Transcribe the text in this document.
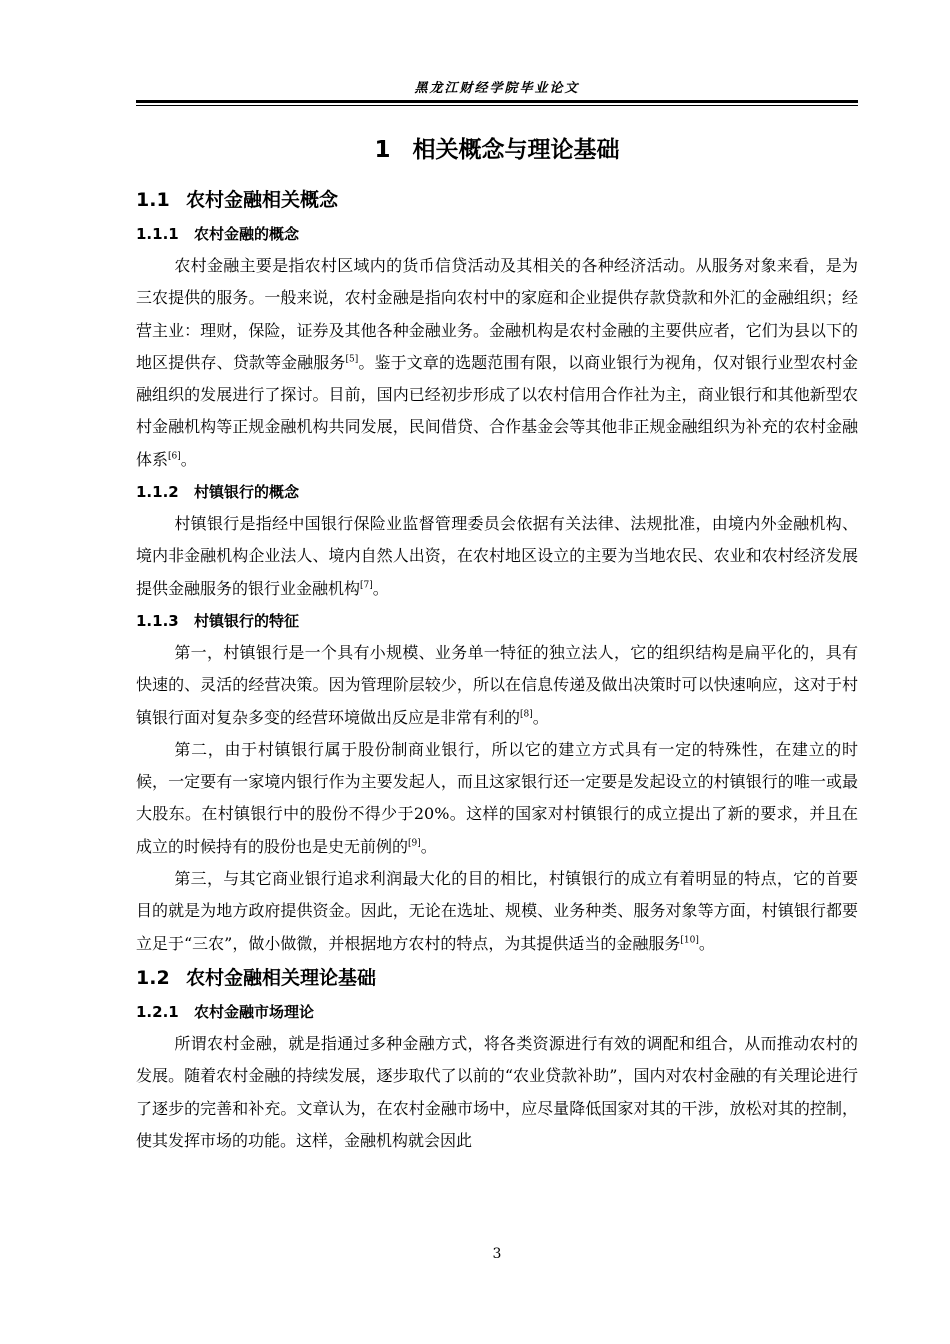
黑龙江财经学院毕业论文
1 相关概念与理论基础
1.1 农村金融相关概念
1.1.1 农村金融的概念

农村金融主要是指农村区域内的货币信贷活动及其相关的各种经济活动。从服务对象来看，是为三农提供的服务。一般来说，农村金融是指向农村中的家庭和企业提供存款贷款和外汇的金融组织；经营主业：理财，保险，证券及其他各种金融业务。金融机构是农村金融的主要供应者，它们为县以下的地区提供存、贷款等金融服务[5]。鉴于文章的选题范围有限，以商业银行为视角，仅对银行业型农村金融组织的发展进行了探讨。目前，国内已经初步形成了以农村信用合作社为主，商业银行和其他新型农村金融机构等正规金融机构共同发展，民间借贷、合作基金会等其他非正规金融组织为补充的农村金融体系[6]。

1.1.2 村镇银行的概念

村镇银行是指经中国银行保险业监督管理委员会依据有关法律、法规批准，由境内外金融机构、境内非金融机构企业法人、境内自然人出资，在农村地区设立的主要为当地农民、农业和农村经济发展提供金融服务的银行业金融机构[7]。

1.1.3 村镇银行的特征

第一，村镇银行是一个具有小规模、业务单一特征的独立法人，它的组织结构是扁平化的，具有快速的、灵活的经营决策。因为管理阶层较少，所以在信息传递及做出决策时可以快速响应，这对于村镇银行面对复杂多变的经营环境做出反应是非常有利的[8]。

第二，由于村镇银行属于股份制商业银行，所以它的建立方式具有一定的特殊性，在建立的时候，一定要有一家境内银行作为主要发起人，而且这家银行还一定要是发起设立的村镇银行的唯一或最大股东。在村镇银行中的股份不得少于20%。这样的国家对村镇银行的成立提出了新的要求，并且在成立的时候持有的股份也是史无前例的[9]。

第三，与其它商业银行追求利润最大化的目的相比，村镇银行的成立有着明显的特点，它的首要目的就是为地方政府提供资金。因此，无论在选址、规模、业务种类、服务对象等方面，村镇银行都要立足于“三农”，做小做微，并根据地方农村的特点，为其提供适当的金融服务[10]。

1.2 农村金融相关理论基础
1.2.1 农村金融市场理论

所谓农村金融，就是指通过多种金融方式，将各类资源进行有效的调配和组合，从而推动农村的发展。随着农村金融的持续发展，逐步取代了以前的“农业贷款补助”，国内对农村金融的有关理论进行了逐步的完善和补充。文章认为，在农村金融市场中，应尽量降低国家对其的干涉，放松对其的控制，使其发挥市场的功能。这样，金融机构就会因此

3
